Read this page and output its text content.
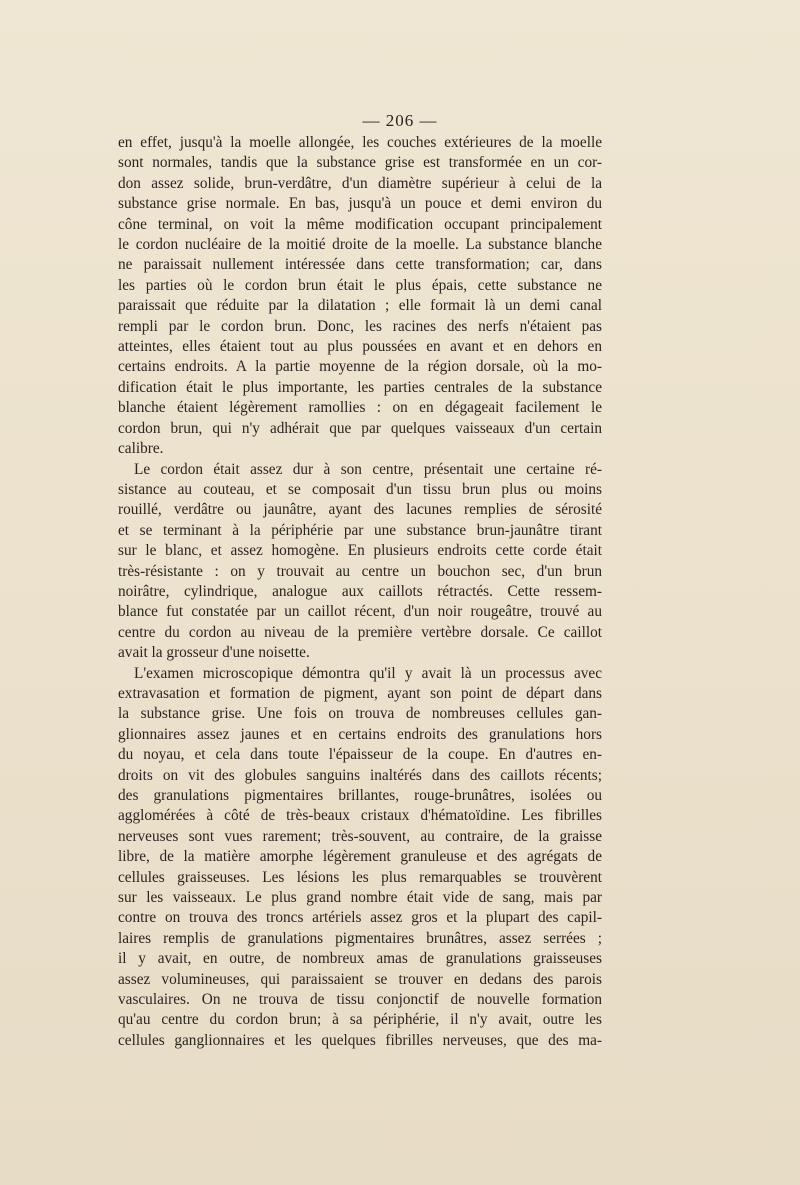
— 206 —

en effet, jusqu'à la moelle allongée, les couches extérieures de la moelle

sont normales, tandis que la substance grise est transformée en un cor-

don assez solide, brun-verdâtre, d'un diamètre supérieur à celui de la

substance grise normale. En bas, jusqu'à un pouce et demi environ du

cône terminal, on voit la même modification occupant principalement

le cordon nucléaire de la moitié droite de la moelle. La substance blanche

ne paraissait nullement intéressée dans cette transformation; car, dans

les parties où le cordon brun était le plus épais, cette substance ne

paraissait que réduite par la dilatation ; elle formait là un demi canal

rempli par le cordon brun. Donc, les racines des nerfs n'étaient pas

atteintes, elles étaient tout au plus poussées en avant et en dehors en

certains endroits. A la partie moyenne de la région dorsale, où la mo-

dification était le plus importante, les parties centrales de la substance

blanche étaient légèrement ramollies : on en dégageait facilement le

cordon brun, qui n'y adhérait que par quelques vaisseaux d'un certain

calibre.

Le cordon était assez dur à son centre, présentait une certaine ré-

sistance au couteau, et se composait d'un tissu brun plus ou moins

rouillé, verdâtre ou jaunâtre, ayant des lacunes remplies de sérosité

et se terminant à la périphérie par une substance brun-jaunâtre tirant

sur le blanc, et assez homogène. En plusieurs endroits cette corde était

très-résistante : on y trouvait au centre un bouchon sec, d'un brun

noirâtre, cylindrique, analogue aux caillots rétractés. Cette ressem-

blance fut constatée par un caillot récent, d'un noir rougeâtre, trouvé au

centre du cordon au niveau de la première vertèbre dorsale. Ce caillot

avait la grosseur d'une noisette.

L'examen microscopique démontra qu'il y avait là un processus avec

extravasation et formation de pigment, ayant son point de départ dans

la substance grise. Une fois on trouva de nombreuses cellules gan-

glionnaires assez jaunes et en certains endroits des granulations hors

du noyau, et cela dans toute l'épaisseur de la coupe. En d'autres en-

droits on vit des globules sanguins inaltérés dans des caillots récents;

des granulations pigmentaires brillantes, rouge-brunâtres, isolées ou

agglomérées à côté de très-beaux cristaux d'hématoïdine. Les fibrilles

nerveuses sont vues rarement; très-souvent, au contraire, de la graisse

libre, de la matière amorphe légèrement granuleuse et des agrégats de

cellules graisseuses. Les lésions les plus remarquables se trouvèrent

sur les vaisseaux. Le plus grand nombre était vide de sang, mais par

contre on trouva des troncs artériels assez gros et la plupart des capil-

laires remplis de granulations pigmentaires brunâtres, assez serrées ;

il y avait, en outre, de nombreux amas de granulations graisseuses

assez volumineuses, qui paraissaient se trouver en dedans des parois

vasculaires. On ne trouva de tissu conjonctif de nouvelle formation

qu'au centre du cordon brun; à sa périphérie, il n'y avait, outre les

cellules ganglionnaires et les quelques fibrilles nerveuses, que des ma-
